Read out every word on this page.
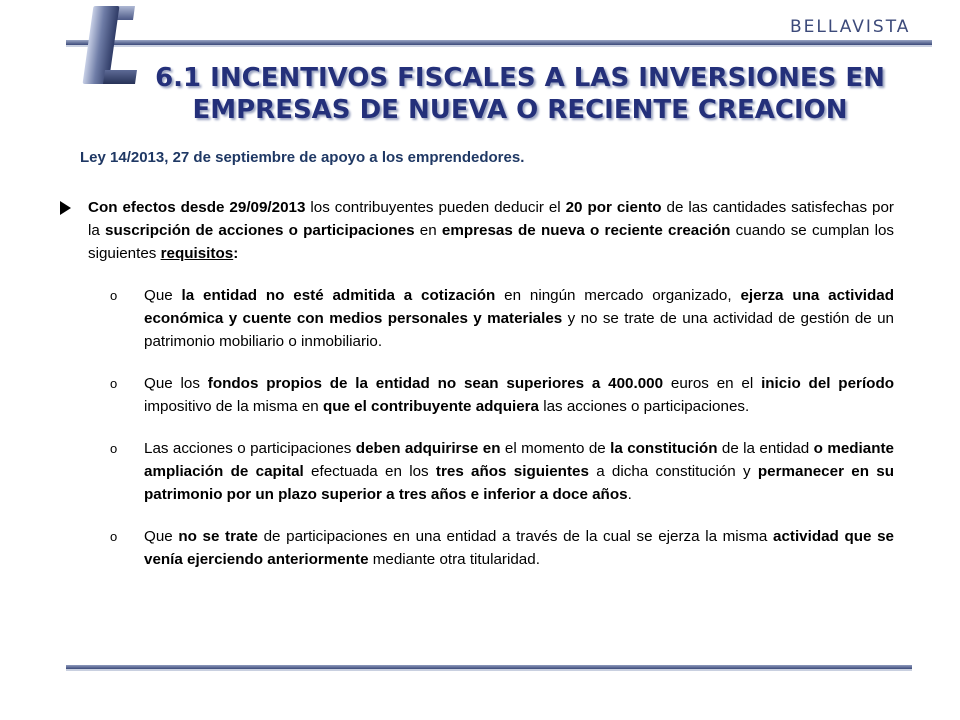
BELLAVISTA
6.1 INCENTIVOS FISCALES A LAS INVERSIONES EN
EMPRESAS DE NUEVA O RECIENTE CREACION

Ley 14/2013, 27 de septiembre de apoyo a los emprendedores.

Con efectos desde 29/09/2013 los contribuyentes pueden deducir el 20 por ciento de las cantidades satisfechas por la suscripción de acciones o participaciones en empresas de nueva o reciente creación cuando se cumplan los siguientes requisitos:

o Que la entidad no esté admitida a cotización en ningún mercado organizado, ejerza una actividad económica y cuente con medios personales y materiales y no se trate de una actividad de gestión de un patrimonio mobiliario o inmobiliario.

o Que los fondos propios de la entidad no sean superiores a 400.000 euros en el inicio del período impositivo de la misma en que el contribuyente adquiera las acciones o participaciones.

o Las acciones o participaciones deben adquirirse en el momento de la constitución de la entidad o mediante ampliación de capital efectuada en los tres años siguientes a dicha constitución y permanecer en su patrimonio por un plazo superior a tres años e inferior a doce años.

o Que no se trate de participaciones en una entidad a través de la cual se ejerza la misma actividad que se venía ejerciendo anteriormente mediante otra titularidad.
